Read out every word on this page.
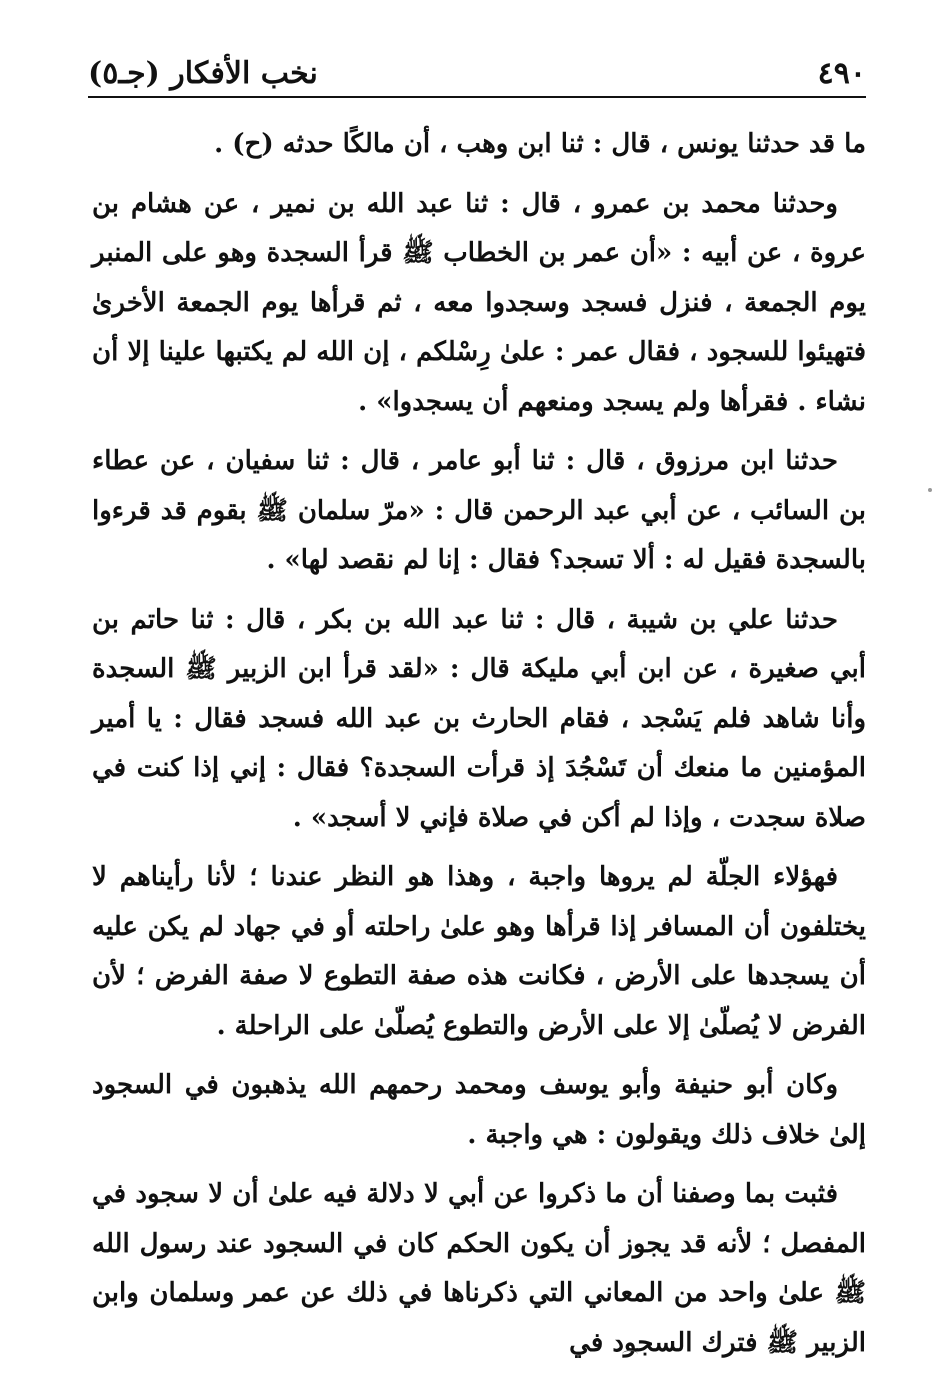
٤٩٠
نخب الأفكار (جـ٥)

ما قد حدثنا يونس ، قال : ثنا ابن وهب ، أن مالكًا حدثه (ح) .

وحدثنا محمد بن عمرو ، قال : ثنا عبد الله بن نمير ، عن هشام بن عروة ، عن أبيه : «أن عمر بن الخطاب ﷺ قرأ السجدة وهو على المنبر يوم الجمعة ، فنزل فسجد وسجدوا معه ، ثم قرأها يوم الجمعة الأخرىٰ فتهيئوا للسجود ، فقال عمر : علىٰ رِسْلكم ، إن الله لم يكتبها علينا إلا أن نشاء . فقرأها ولم يسجد ومنعهم أن يسجدوا» .

حدثنا ابن مرزوق ، قال : ثنا أبو عامر ، قال : ثنا سفيان ، عن عطاء بن السائب ، عن أبي عبد الرحمن قال : «مرّ سلمان ﷺ بقوم قد قرءوا بالسجدة فقيل له : ألا تسجد؟ فقال : إنا لم نقصد لها» .

حدثنا علي بن شيبة ، قال : ثنا عبد الله بن بكر ، قال : ثنا حاتم بن أبي صغيرة ، عن ابن أبي مليكة قال : «لقد قرأ ابن الزبير ﷺ السجدة وأنا شاهد فلم يَسْجد ، فقام الحارث بن عبد الله فسجد فقال : يا أمير المؤمنين ما منعك أن تَسْجُدَ إذ قرأت السجدة؟ فقال : إني إذا كنت في صلاة سجدت ، وإذا لم أكن في صلاة فإني لا أسجد» .

فهؤلاء الجلّة لم يروها واجبة ، وهذا هو النظر عندنا ؛ لأنا رأيناهم لا يختلفون أن المسافر إذا قرأها وهو علىٰ راحلته أو في جهاد لم يكن عليه أن يسجدها على الأرض ، فكانت هذه صفة التطوع لا صفة الفرض ؛ لأن الفرض لا يُصلّىٰ إلا على الأرض والتطوع يُصلّىٰ على الراحلة .

وكان أبو حنيفة وأبو يوسف ومحمد رحمهم الله يذهبون في السجود إلىٰ خلاف ذلك ويقولون : هي واجبة .

فثبت بما وصفنا أن ما ذكروا عن أبي لا دلالة فيه علىٰ أن لا سجود في المفصل ؛ لأنه قد يجوز أن يكون الحكم كان في السجود عند رسول الله ﷺ علىٰ واحد من المعاني التي ذكرناها في ذلك عن عمر وسلمان وابن الزبير ﷺ فترك السجود في
